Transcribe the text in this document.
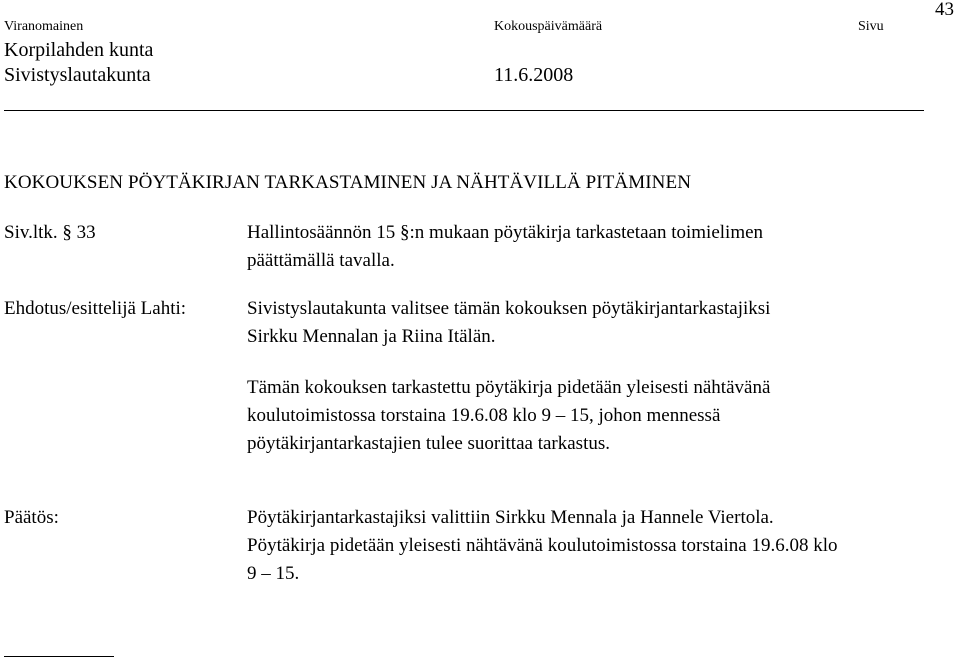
Viranomainen	Kokouspäivämäärä	Sivu
43
Korpilahden kunta
Sivistyslautakunta	11.6.2008
KOKOUKSEN PÖYTÄKIRJAN TARKASTAMINEN JA NÄHTÄVILLÄ PITÄMINEN
Siv.ltk. § 33	Hallintosäännön 15 §:n mukaan pöytäkirja tarkastetaan toimielimen
päättämällä tavalla.
Ehdotus/esittelijä Lahti:	Sivistyslautakunta valitsee tämän kokouksen pöytäkirjantarkastajiksi
Sirkku Mennalan ja Riina Itälän.
Tämän kokouksen tarkastettu pöytäkirja pidetään yleisesti nähtävänä
koulutoimistossa torstaina 19.6.08 klo 9 – 15, johon mennessä
pöytäkirjantarkastajien tulee suorittaa tarkastus.
Päätös:	Pöytäkirjantarkastajiksi valittiin Sirkku Mennala ja Hannele Viertola.
Pöytäkirja pidetään yleisesti nähtävänä koulutoimistossa torstaina 19.6.08 klo
9 – 15.
